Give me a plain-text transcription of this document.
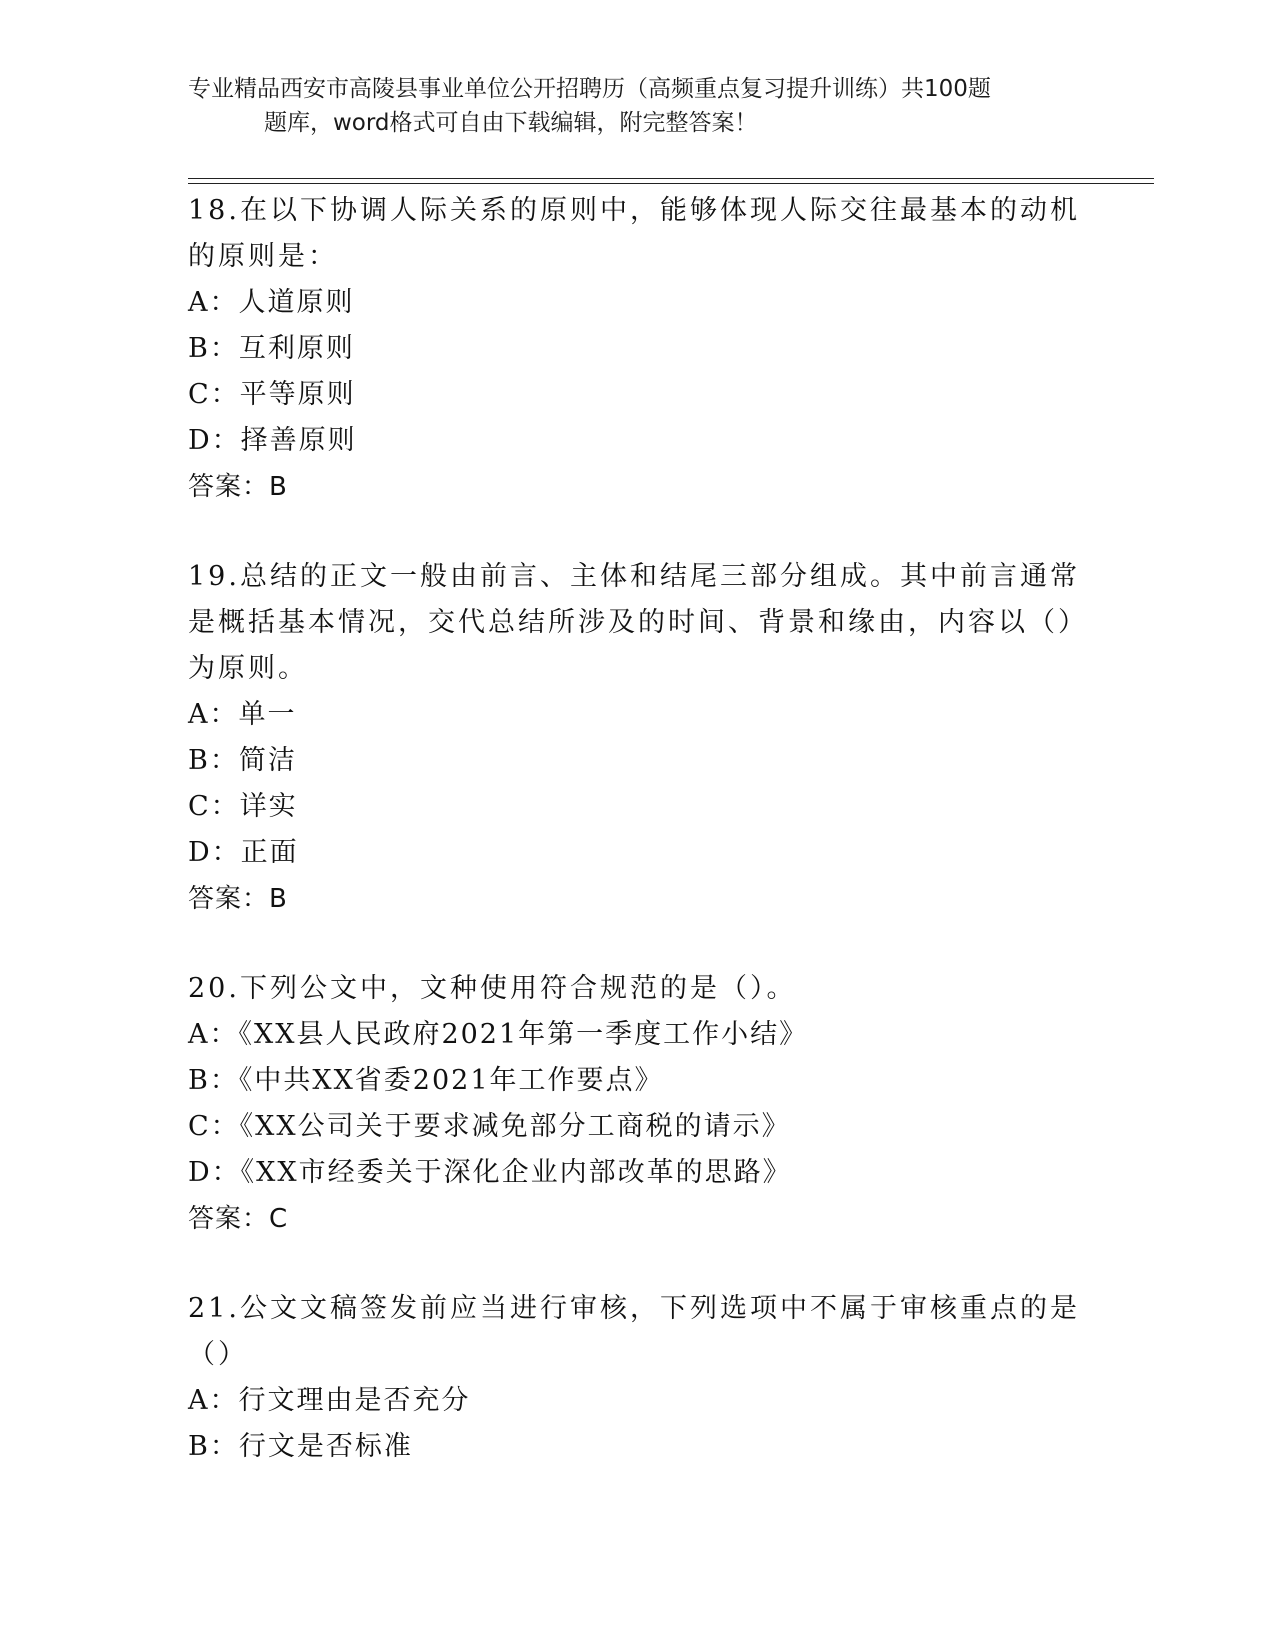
专业精品西安市高陵县事业单位公开招聘历（高频重点复习提升训练）共100题
题库，word格式可自由下载编辑，附完整答案！
18.在以下协调人际关系的原则中，能够体现人际交往最基本的动机的原则是：
A：人道原则
B：互利原则
C：平等原则
D：择善原则
答案：B
19.总结的正文一般由前言、主体和结尾三部分组成。其中前言通常是概括基本情况，交代总结所涉及的时间、背景和缘由，内容以（）为原则。
A：单一
B：简洁
C：详实
D：正面
答案：B
20.下列公文中，文种使用符合规范的是（）。
A：《XX县人民政府2021年第一季度工作小结》
B：《中共XX省委2021年工作要点》
C：《XX公司关于要求减免部分工商税的请示》
D：《XX市经委关于深化企业内部改革的思路》
答案：C
21.公文文稿签发前应当进行审核，下列选项中不属于审核重点的是（）
A：行文理由是否充分
B：行文是否标准
